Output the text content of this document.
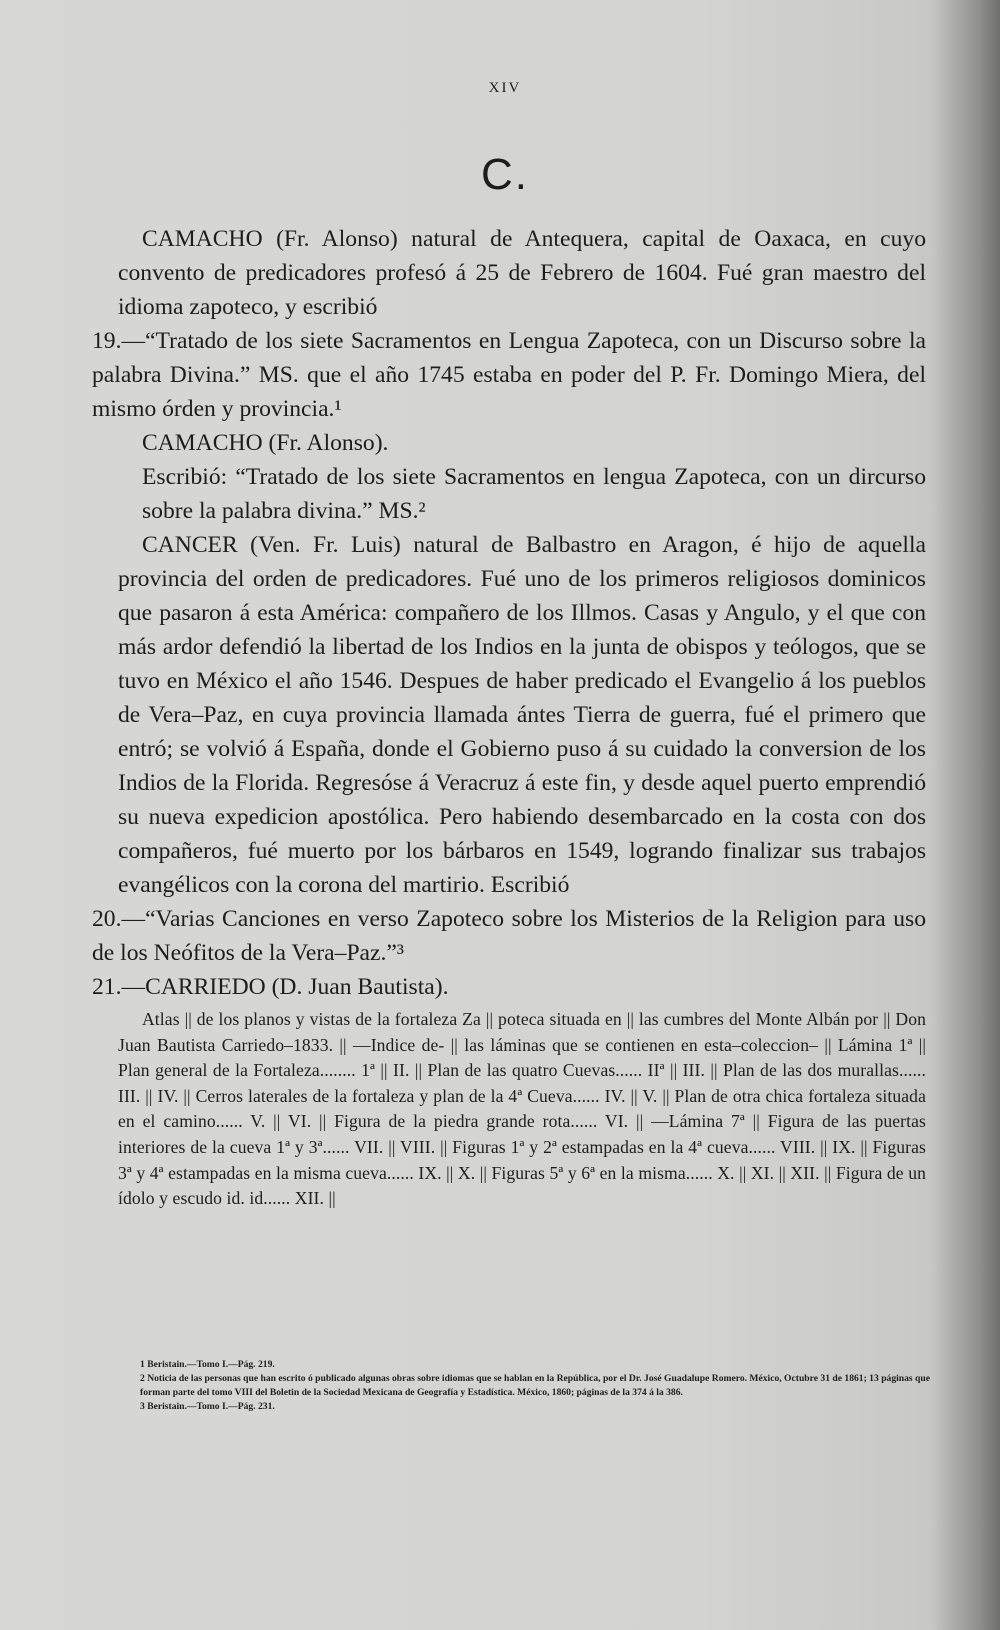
XIV
C.

CAMACHO (Fr. Alonso) natural de Antequera, capital de Oaxaca, en cuyo convento de predicadores profesó á 25 de Febrero de 1604. Fué gran maestro del idioma zapoteco, y escribió

19.—“Tratado de los siete Sacramentos en Lengua Zapoteca, con un Discurso sobre la palabra Divina.” MS. que el año 1745 estaba en poder del P. Fr. Domingo Miera, del mismo órden y provincia.¹

CAMACHO (Fr. Alonso).

Escribió: “Tratado de los siete Sacramentos en lengua Zapoteca, con un dircurso sobre la palabra divina.” MS.²

CANCER (Ven. Fr. Luis) natural de Balbastro en Aragon, é hijo de aquella provincia del orden de predicadores. Fué uno de los primeros religiosos dominicos que pasaron á esta América: compañero de los Illmos. Casas y Angulo, y el que con más ardor defendió la libertad de los Indios en la junta de obispos y teólogos, que se tuvo en México el año 1546. Despues de haber predicado el Evangelio á los pueblos de Vera–Paz, en cuya provincia llamada ántes Tierra de guerra, fué el primero que entró; se volvió á España, donde el Gobierno puso á su cuidado la conversion de los Indios de la Florida. Regresóse á Veracruz á este fin, y desde aquel puerto emprendió su nueva expedicion apostólica. Pero habiendo desembarcado en la costa con dos compañeros, fué muerto por los bárbaros en 1549, logrando finalizar sus trabajos evangélicos con la corona del martirio. Escribió

20.—“Varias Canciones en verso Zapoteco sobre los Misterios de la Religion para uso de los Neófitos de la Vera–Paz.”³

21.—CARRIEDO (D. Juan Bautista).

Atlas || de los planos y vistas de la fortaleza Za || poteca situada en || las cumbres del Monte Albán por || Don Juan Bautista Carriedo–1833. || —Indice de- || las láminas que se contienen en esta–coleccion– || Lámina 1ª || Plan general de la Fortaleza........ 1ª || II. || Plan de las quatro Cuevas...... IIª || III. || Plan de las dos murallas...... III. || IV. || Cerros laterales de la fortaleza y plan de la 4ª Cueva...... IV. || V. || Plan de otra chica fortaleza situada en el camino...... V. || VI. || Figura de la piedra grande rota...... VI. || —Lámina 7ª || Figura de las puertas interiores de la cueva 1ª y 3ª...... VII. || VIII. || Figuras 1ª y 2ª estampadas en la 4ª cueva...... VIII. || IX. || Figuras 3ª y 4ª estampadas en la misma cueva...... IX. || X. || Figuras 5ª y 6ª en la misma...... X. || XI. || XII. || Figura de un ídolo y escudo id. id...... XII. ||

1 Beristain.—Tomo I.—Pág. 219.

2 Noticia de las personas que han escrito ó publicado algunas obras sobre idiomas que se hablan en la República, por el Dr. José Guadalupe Romero. México, Octubre 31 de 1861; 13 páginas que forman parte del tomo VIII del Boletin de la Sociedad Mexicana de Geografía y Estadística. México, 1860; páginas de la 374 á la 386.

3 Beristain.—Tomo I.—Pág. 231.
